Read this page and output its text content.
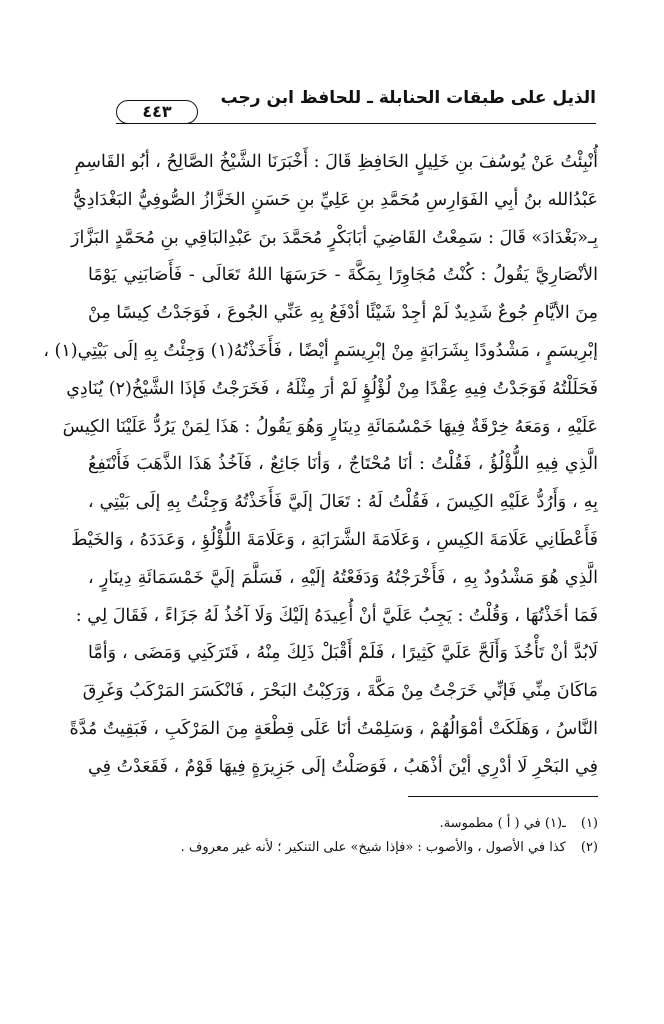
الذيل على طبقات الحنابلة ـ للحافظ ابن رجب
٤٤٣
أُنْبِئْتُ عَنْ يُوسُفَ بنِ خَلِيلٍ الحَافِظِ قَالَ : أَخْبَرَنَا الشَّيْخُ الصَّالِحُ ، أبُو القَاسِمِ
عَبْدُالله بنُ أبِي الفَوَارِسِ مُحَمَّدِ بنِ عَلِيِّ بنِ حَسَنٍ الخَزَّازُ الصُّوفِيُّ البَغْدَادِيُّ
بِـ«بَغْدَادَ» قَالَ : سَمِعْتُ القَاضِيَ أبَابَكْرٍ مُحَمَّدَ بنَ عَبْدِالبَاقِي بنِ مُحَمَّدٍ البَزَّازَ
الأنْصَارِيَّ يَقُولُ : كُنْتُ مُجَاوِرًا بِمَكَّةَ - حَرَسَهَا اللهُ تَعَالَى - فَأَصَابَنِي يَوْمًا
مِنَ الأيَّامِ جُوعٌ شَدِيدٌ لَمْ أجِدْ شَيْئًا أدْفَعُ بِهِ عَنِّي الجُوعَ ، فَوَجَدْتُ كِيسًا مِنْ
إبْرِيسَمٍ ، مَشْدُودًا بِشَرَابَةٍ مِنْ إبْرِيسَمٍ أيْضًا ، فَأَخَذْتُهُ(١) وَجِئْتُ بِهِ إلَى بَيْتِي(١) ،
فَحَلَلْتُهُ فَوَجَدْتُ فِيهِ عِقْدًا مِنْ لُؤْلُؤٍ لَمْ أرَ مِثْلَهُ ، فَخَرَجْتُ فَإذَا الشَّيْخُ(٢) يُنَادِي
عَلَيْهِ ، وَمَعَهُ خِرْقَةٌ فِيهَا خَمْسُمَائَةِ دِينَارٍ وَهُوَ يَقُولُ : هَذَا لِمَنْ يَرُدُّ عَلَيْنَا الكِيسَ
الَّذِي فِيهِ اللُّؤْلُؤُ ، فَقُلْتُ : أنَا مُحْتَاجٌ ، وَأنَا جَائِعٌ ، فَآخُذُ هَذَا الذَّهَبَ فَأَنْتَفِعُ
بِهِ ، وَأَرُدُّ عَلَيْهِ الكِيسَ ، فَقُلْتُ لَهُ : تَعَالَ إلَيَّ فَأَخَذْتُهُ وَجِئْتُ بِهِ إلَى بَيْتِي ،
فَأَعْطَانِي عَلَامَةَ الكِيسِ ، وَعَلَامَةَ الشَّرَابَةِ ، وَعَلَامَةَ اللُّؤْلُؤِ ، وَعَدَدَهُ ، وَالخَيْطَ
الَّذِي هُوَ مَشْدُودٌ بِهِ ، فَأَخْرَجْتُهُ وَدَفَعْتُهُ إلَيْهِ ، فَسَلَّمَ إلَيَّ خَمْسَمَائَةِ دِينَارٍ ،
فَمَا أخَذْتُهَا ، وَقُلْتُ : يَجِبُ عَلَيَّ أنْ أُعِيدَهُ إلَيْكَ وَلَا آخُذُ لَهُ جَزَاءً ، فَقَالَ لِي :
لَابُدَّ أنْ تَأْخُذَ وَأَلَحَّ عَلَيَّ كَثِيرًا ، فَلَمْ أَقْبَلْ ذَلِكَ مِنْهُ ، فَتَرَكَنِي وَمَضَى ، وَأمَّا
مَاكَانَ مِنِّي فَإنِّي خَرَجْتُ مِنْ مَكَّةَ ، وَرَكِبْتُ البَحْرَ ، فَانْكَسَرَ المَرْكَبُ وَغَرِقَ
النَّاسُ ، وَهَلَكَتْ أمْوَالُهُمْ ، وَسَلِمْتُ أنَا عَلَى قِطْعَةٍ مِنَ المَرْكَبِ ، فَبَقِيتُ مُدَّةً
فِي البَحْرِ لَا أدْرِي أيْنَ أذْهَبُ ، فَوَصَلْتُ إلَى جَزِيرَةٍ فِيهَا قَوْمٌ ، فَقَعَدْتُ فِي
(١) ـ(١) في ( أ ) مطموسة.
(٢) كذا في الأصول ، والأصوب : «فإذا شيخ» على التنكير ؛ لأنه غير معروف .
